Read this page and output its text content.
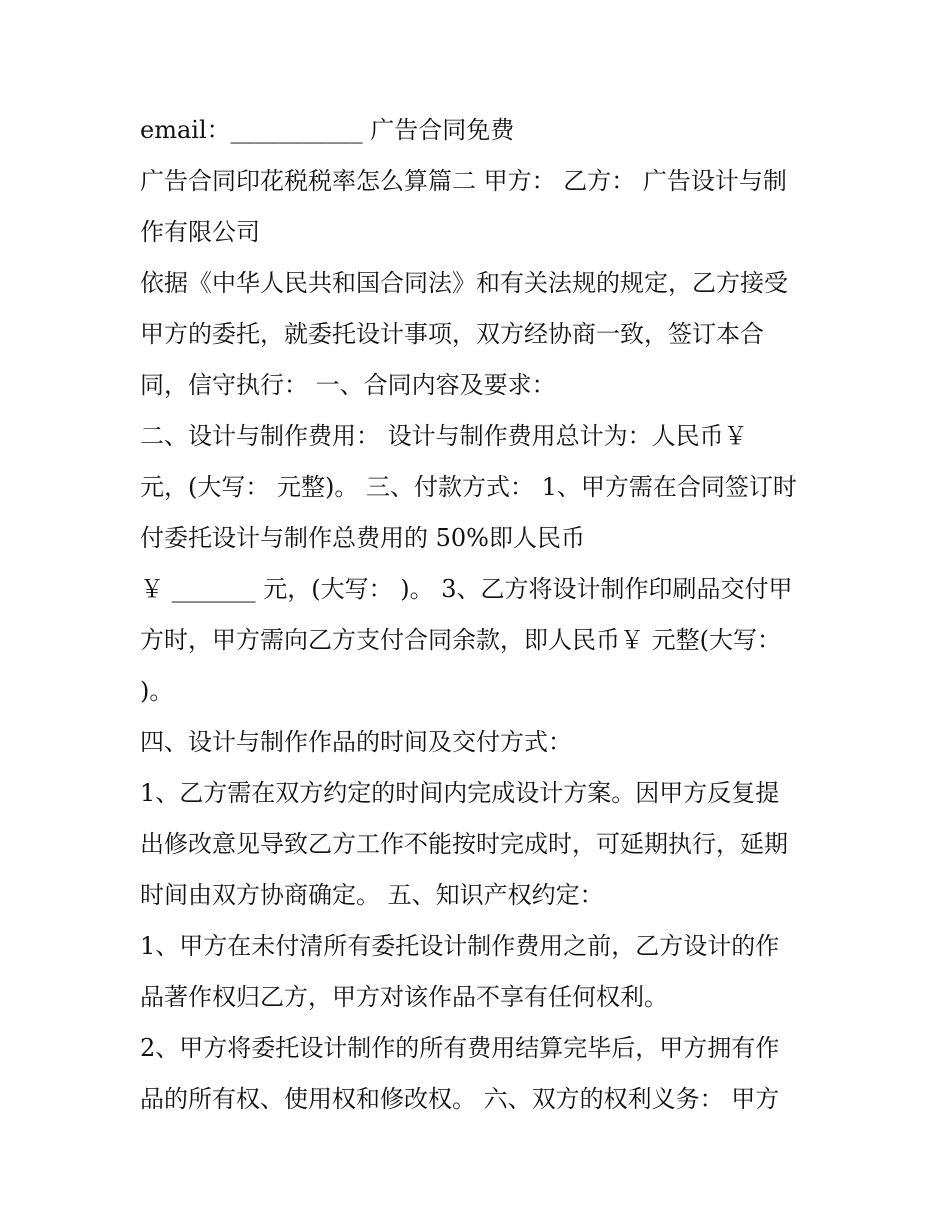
email：___________ 广告合同免费
广告合同印花税税率怎么算篇二 甲方： 乙方： 广告设计与制
作有限公司
依据《中华人民共和国合同法》和有关法规的规定，乙方接受
甲方的委托，就委托设计事项，双方经协商一致，签订本合
同，信守执行： 一、合同内容及要求：
二、设计与制作费用： 设计与制作费用总计为：人民币￥
元，(大写： 元整)。 三、付款方式： 1、甲方需在合同签订时
付委托设计与制作总费用的 50%即人民币
￥ _______ 元，(大写： )。 3、乙方将设计制作印刷品交付甲
方时，甲方需向乙方支付合同余款，即人民币￥ 元整(大写：
)。
四、设计与制作作品的时间及交付方式：
1、乙方需在双方约定的时间内完成设计方案。因甲方反复提
出修改意见导致乙方工作不能按时完成时，可延期执行，延期
时间由双方协商确定。 五、知识产权约定：
1、甲方在未付清所有委托设计制作费用之前，乙方设计的作
品著作权归乙方，甲方对该作品不享有任何权利。
2、甲方将委托设计制作的所有费用结算完毕后，甲方拥有作
品的所有权、使用权和修改权。 六、双方的权利义务： 甲方
